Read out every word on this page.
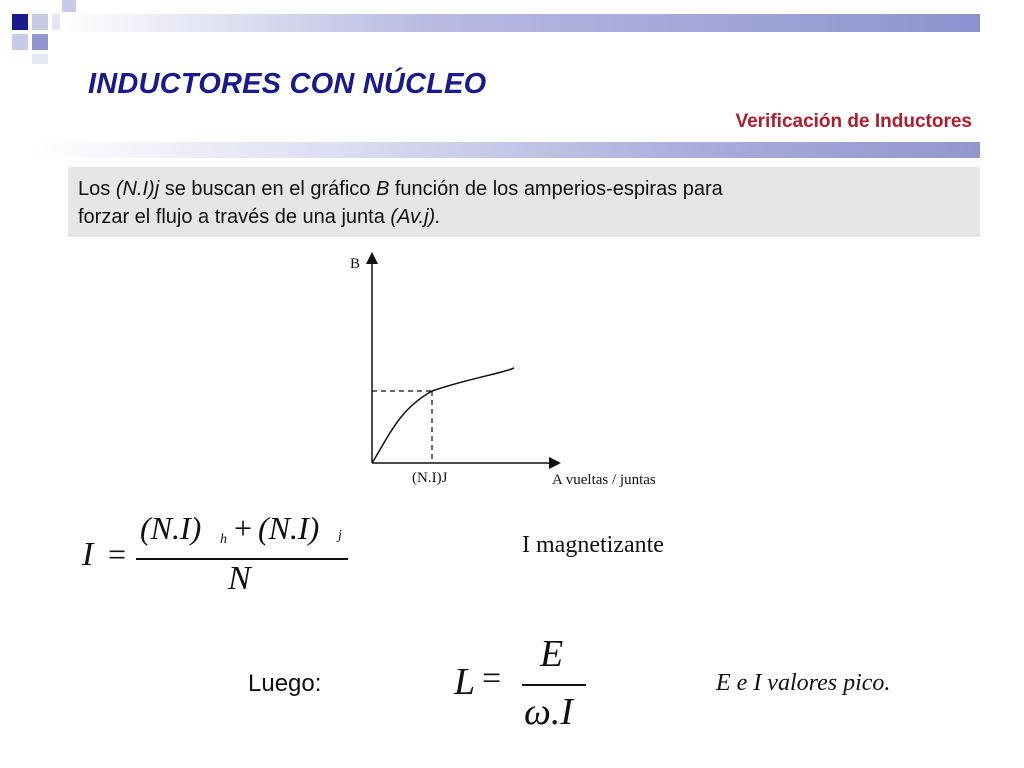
INDUCTORES CON NÚCLEO
Verificación de Inductores
Los (N.I)j se buscan en el gráfico B función de los amperios-espiras para
forzar el flujo a través de una junta (Av.j).
B
(N.I)J	A vueltas / juntas
I =
(N.I) h + (N.I) j
N
I magnetizante
Luego:	L =
E
ω.I
E e I valores pico.
